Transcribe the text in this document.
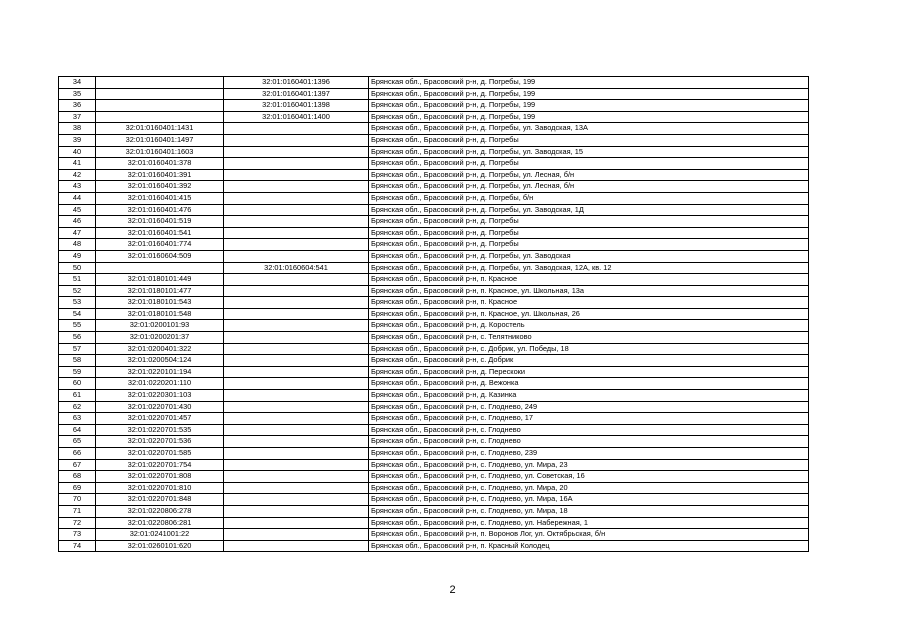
34		32:01:0160401:1396	Брянская обл., Брасовский р-н, д. Погребы, 199
35		32:01:0160401:1397	Брянская обл., Брасовский р-н, д. Погребы, 199
36		32:01:0160401:1398	Брянская обл., Брасовский р-н, д. Погребы, 199
37		32:01:0160401:1400	Брянская обл., Брасовский р-н, д. Погребы, 199
38	32:01:0160401:1431		Брянская обл., Брасовский р-н, д. Погребы, ул. Заводская, 13А
39	32:01:0160401:1497		Брянская обл., Брасовский р-н, д. Погребы
40	32:01:0160401:1603		Брянская обл., Брасовский р-н, д. Погребы, ул. Заводская, 15
41	32:01:0160401:378		Брянская обл., Брасовский р-н, д. Погребы
42	32:01:0160401:391		Брянская обл., Брасовский р-н, д. Погребы, ул. Лесная, б/н
43	32:01:0160401:392		Брянская обл., Брасовский р-н, д. Погребы, ул. Лесная, б/н
44	32:01:0160401:415		Брянская обл., Брасовский р-н, д. Погребы, б/н
45	32:01:0160401:476		Брянская обл., Брасовский р-н, д. Погребы, ул. Заводская, 1Д
46	32:01:0160401:519		Брянская обл., Брасовский р-н, д. Погребы
47	32:01:0160401:541		Брянская обл., Брасовский р-н, д. Погребы
48	32:01:0160401:774		Брянская обл., Брасовский р-н, д. Погребы
49	32:01:0160604:509		Брянская обл., Брасовский р-н, д. Погребы, ул. Заводская
50		32:01:0160604:541	Брянская обл., Брасовский р-н, д. Погребы, ул. Заводская, 12А, кв. 12
51	32:01:0180101:449		Брянская обл., Брасовский р-н, п. Красное
52	32:01:0180101:477		Брянская обл., Брасовский р-н, п. Красное, ул. Школьная, 13а
53	32:01:0180101:543		Брянская обл., Брасовский р-н, п. Красное
54	32:01:0180101:548		Брянская обл., Брасовский р-н, п. Красное, ул. Школьная, 26
55	32:01:0200101:93		Брянская обл., Брасовский р-н, д. Коростель
56	32:01:0200201:37		Брянская обл., Брасовский р-н, с. Телятниково
57	32:01:0200401:322		Брянская обл., Брасовский р-н, с. Добрик, ул. Победы, 18
58	32:01:0200504:124		Брянская обл., Брасовский р-н, с. Добрик
59	32:01:0220101:194		Брянская обл., Брасовский р-н, д. Перескоки
60	32:01:0220201:110		Брянская обл., Брасовский р-н, д. Вежонка
61	32:01:0220301:103		Брянская обл., Брасовский р-н, д. Казинка
62	32:01:0220701:430		Брянская обл., Брасовский р-н, с. Глоднево, 249
63	32:01:0220701:457		Брянская обл., Брасовский р-н, с. Глоднево, 17
64	32:01:0220701:535		Брянская обл., Брасовский р-н, с. Глоднево
65	32:01:0220701:536		Брянская обл., Брасовский р-н, с. Глоднево
66	32:01:0220701:585		Брянская обл., Брасовский р-н, с. Глоднево, 239
67	32:01:0220701:754		Брянская обл., Брасовский р-н, с. Глоднево, ул. Мира, 23
68	32:01:0220701:808		Брянская обл., Брасовский р-н, с. Глоднево, ул. Советская, 16
69	32:01:0220701:810		Брянская обл., Брасовский р-н, с. Глоднево, ул. Мира, 20
70	32:01:0220701:848		Брянская обл., Брасовский р-н, с. Глоднево, ул. Мира, 16А
71	32:01:0220806:278		Брянская обл., Брасовский р-н, с. Глоднево, ул. Мира, 18
72	32:01:0220806:281		Брянская обл., Брасовский р-н, с. Глоднево, ул. Набережная, 1
73	32:01:0241001:22		Брянская обл., Брасовский р-н, п. Воронов Лог, ул. Октябрьская, б/н
74	32:01:0260101:620		Брянская обл., Брасовский р-н, п. Красный Колодец
2
